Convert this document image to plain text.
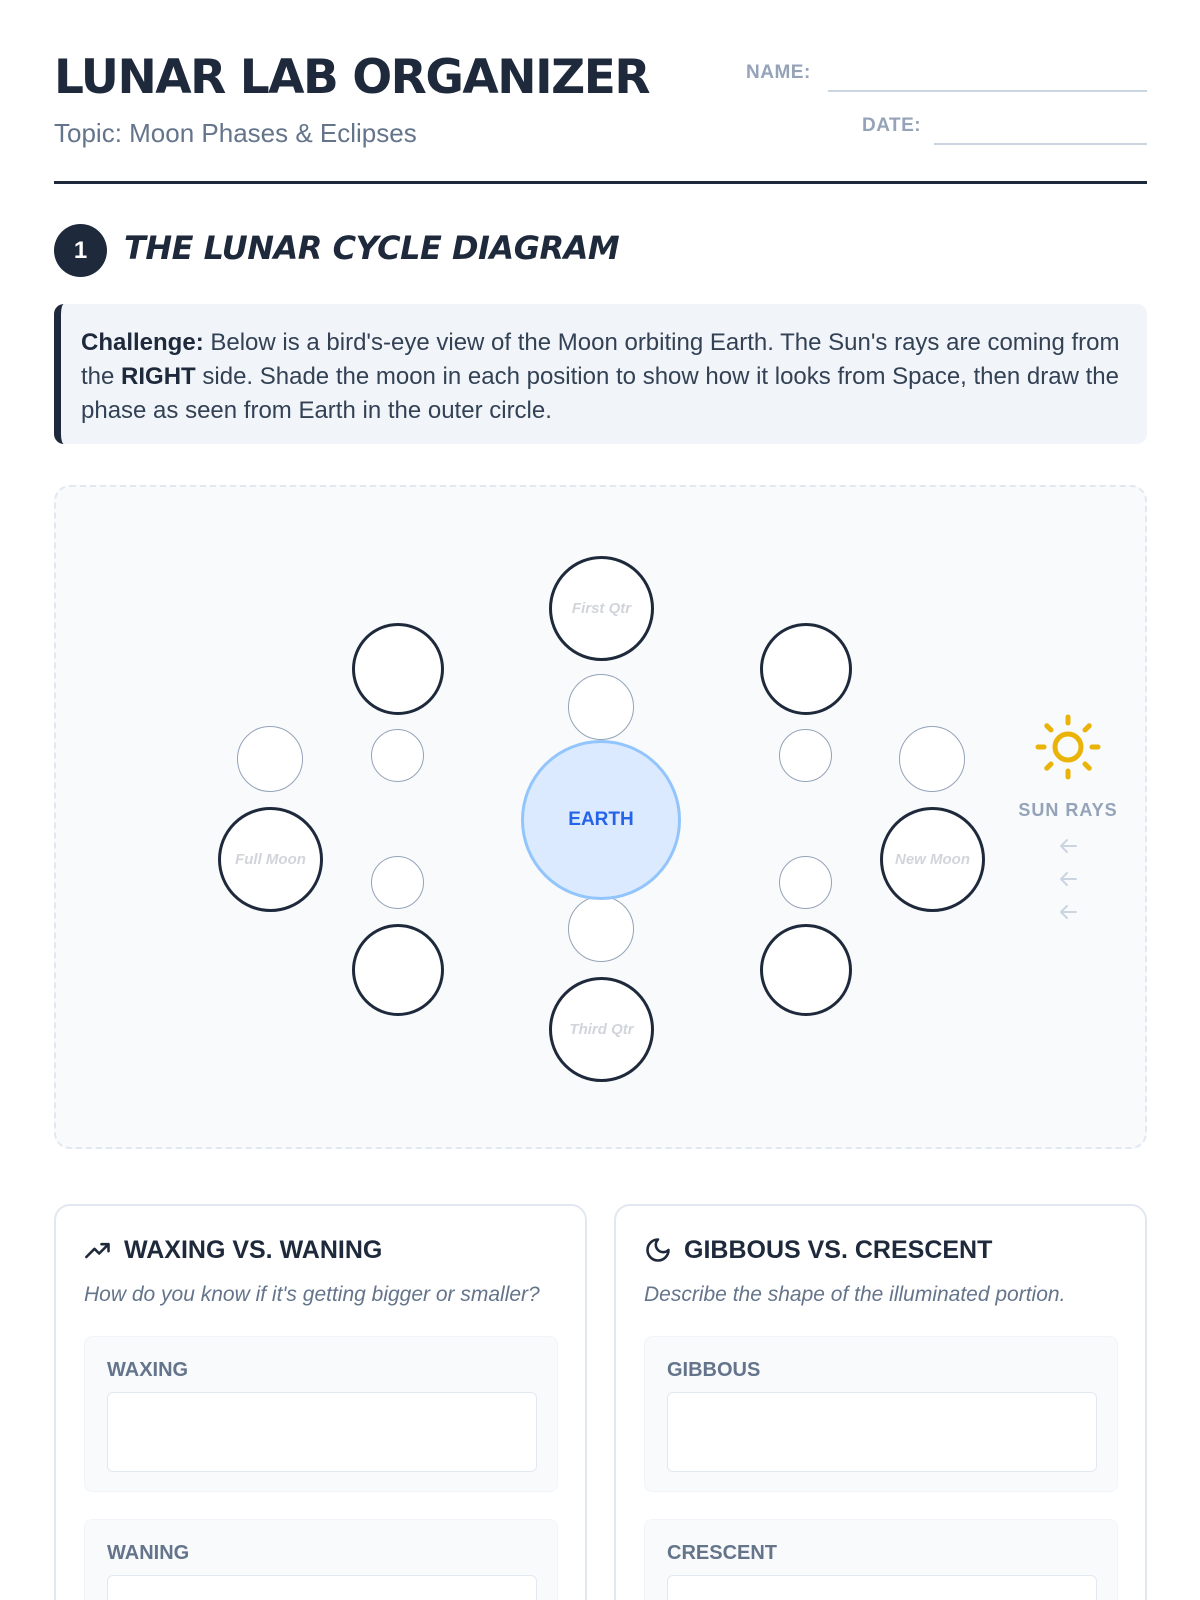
LUNAR LAB ORGANIZER
Topic: Moon Phases & Eclipses
NAME:
DATE:
1	THE LUNAR CYCLE DIAGRAM
Challenge: Below is a bird's-eye view of the Moon orbiting Earth. The Sun's rays are coming from the RIGHT side. Shade the moon in each position to show how it looks from Space, then draw the phase as seen from Earth in the outer circle.
First Qtr
Third Qtr
Full Moon	New Moon
EARTH	SUN RAYS
WAXING VS. WANING
How do you know if it's getting bigger or smaller?
WAXING
WANING
GIBBOUS VS. CRESCENT
Describe the shape of the illuminated portion.
GIBBOUS
CRESCENT
